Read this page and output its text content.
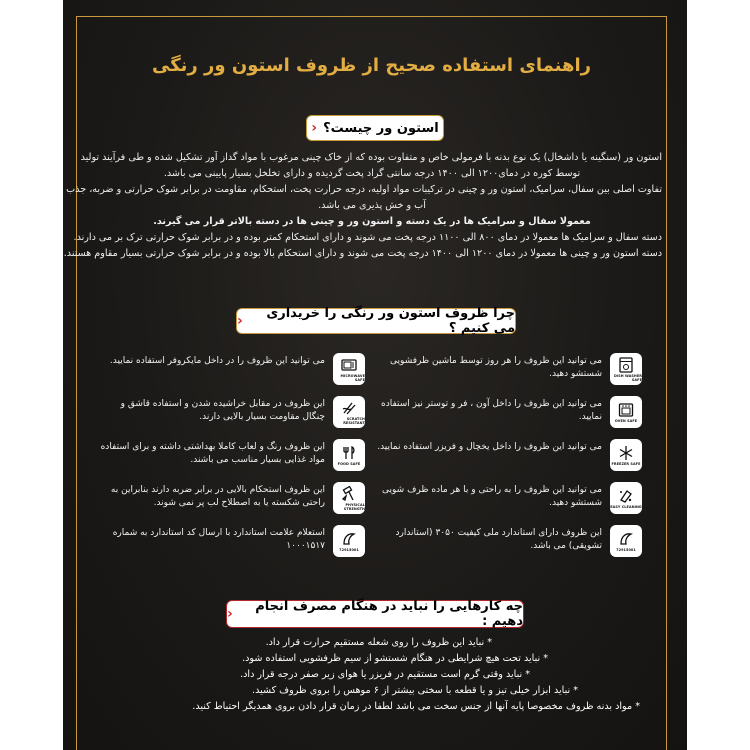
راهنمای استفاده صحیح از ظروف استون ور رنگی
استون ور چیست؟
‹

استون ور (سنگینه یا داشخال) یک نوع بدنه با فرمولی خاص و متفاوت بوده که از خاک چینی مرغوب با مواد گداز آور تشکیل شده و طی فرآیند تولید

توسط کوره در دمای۱۲۰۰ الی ۱۴۰۰ درجه سانتی گراد پخت گردیده و دارای تخلخل بسیار پایینی می باشد.

تفاوت اصلی بین سفال، سرامیک، استون ور و چینی در ترکیبات مواد اولیه، درجه حرارت پخت، استحکام، مقاومت در برابر شوک حرارتی و ضربه، جذب

آب و خش پذیری می باشد.

معمولا سفال و سرامیک ها در یک دسته و استون ور و چینی ها در دسته بالاتر قرار می گیرند.

دسته سفال و سرامیک ها معمولا در دمای ۸۰۰ الی ۱۱۰۰ درجه پخت می شوند و دارای استحکام کمتر بوده و در برابر شوک حرارتی ترک بر می دارند.

دسته استون ور و چینی ها معمولا در دمای ۱۲۰۰ الی ۱۴۰۰ درجه پخت می شوند و دارای استحکام بالا بوده و در برابر شوک حرارتی بسیار مقاوم هستند.

چرا ظروف استون ور رنگی را خریداری می کنیم ؟
‹
DISH WASHER SAFE
می توانید این ظروف را هر روز توسط ماشین ظرفشویی شستشو دهید.
OVEN SAFE
می توانید این ظروف را داخل آون ، فر و توستر نیز استفاده نمایید.
FREEZER SAFE
می توانید این ظروف را داخل یخچال و فریزر استفاده نمایید.
EASY CLEANING
می توانید این ظروف را به راحتی و با هر ماده ظرف شویی شستشو دهید.
72915001
این ظروف دارای استاندارد ملی کیفیت ۳۰۵۰ (استاندارد تشویقی) می باشد.
MICROWAVE SAFE
می توانید این ظروف را در داخل مایکروفر استفاده نمایید.
SCRATCH RESISTANT
این ظروف در مقابل خراشیده شدن و استفاده قاشق و چنگال مقاومت بسیار بالایی دارند.
FOOD SAFE
این ظروف رنگ و لعاب کاملا بهداشتی داشته و برای استفاده مواد غذایی بسیار مناسب می باشند.
PHYSICAL STRENGTH
این ظروف استحکام بالایی در برابر ضربه دارند بنابراین به راحتی شکسته یا به اصطلاح لب پر نمی شوند.
72915001
استعلام علامت استاندارد با ارسال کد استاندارد به شماره ۱۰۰۰۱۵۱۷
چه کارهایی را نباید در هنگام مصرف انجام دهیم :
‹
* نباید این ظروف را روی شعله مستقیم حرارت قرار داد.
* نباید تحت هیچ شرایطی در هنگام شستشو از سیم ظرفشویی استفاده شود.
* نباید وقتی گرم است مستقیم در فریزر یا هوای زیر صفر درجه قرار داد.
* نباید ابزار خیلی تیز و یا قطعه با سختی بیشتر از ۶ موهس را بروی ظروف کشید.
* مواد بدنه ظروف مخصوصا پایه آنها از جنس سخت می باشد لطفا در زمان قرار دادن بروی همدیگر احتیاط کنید.
